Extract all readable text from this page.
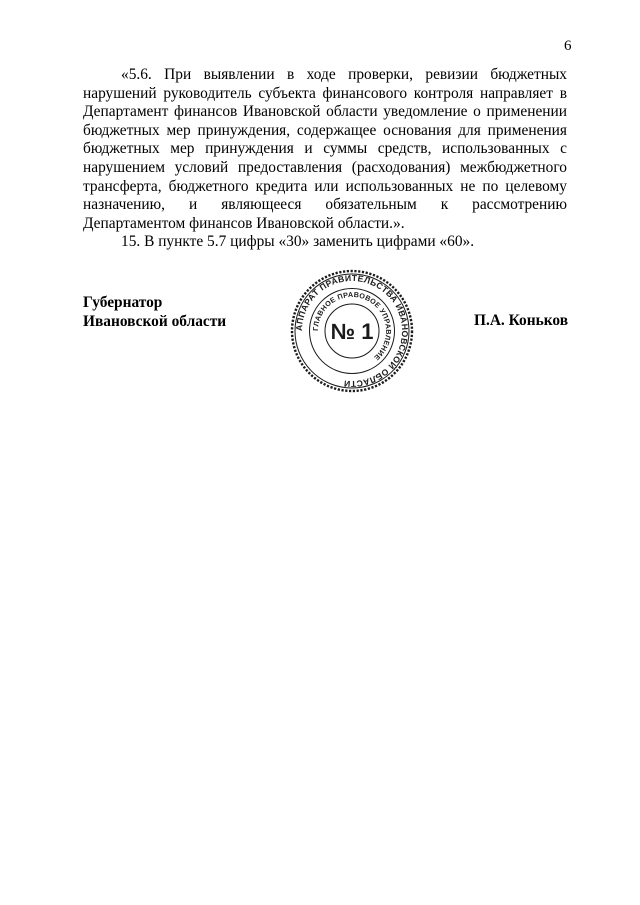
6

«5.6. При выявлении в ходе проверки, ревизии бюджетных нарушений руководитель субъекта финансового контроля направляет в Департамент финансов Ивановской области уведомление о применении бюджетных мер принуждения, содержащее основания для применения бюджетных мер принуждения и суммы средств, использованных с нарушением условий предоставления (расходования) межбюджетного трансферта, бюджетного кредита или использованных не по целевому назначению, и являющееся обязательным к рассмотрению Департаментом финансов Ивановской области.».

15. В пункте 5.7 цифры «30» заменить цифрами «60».

Губернатор
Ивановской области	П.А. Коньков
АППАРАТ ПРАВИТЕЛЬСТВА ИВАНОВСКОЙ ОБЛАСТИ
ГЛАВНОЕ ПРАВОВОЕ УПРАВЛЕНИЕ
№ 1
